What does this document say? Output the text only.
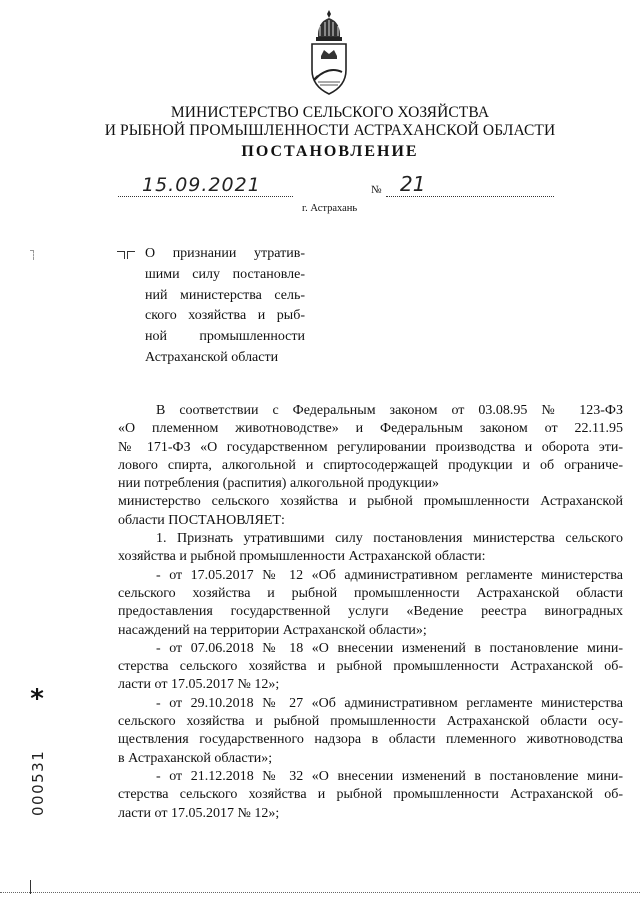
МИНИСТЕРСТВО СЕЛЬСКОГО ХОЗЯЙСТВА
И РЫБНОЙ ПРОМЫШЛЕННОСТИ АСТРАХАНСКОЙ ОБЛАСТИ
ПОСТАНОВЛЕНИЕ
15.09.2021	№ 21
г. Астрахань
О признании утратив-
шими силу постановле-
ний министерства сель-
ского хозяйства и рыб-
ной промышленности
Астраханской области
В соответствии с Федеральным законом от 03.08.95 № 123-ФЗ
«О племенном животноводстве» и Федеральным законом от 22.11.95
№ 171-ФЗ «О государственном регулировании производства и оборота эти-
лового спирта, алкогольной и спиртосодержащей продукции и об ограниче-
нии потребления (распития) алкогольной продукции»
министерство сельского хозяйства и рыбной промышленности Астраханской
области ПОСТАНОВЛЯЕТ:
1. Признать утратившими силу постановления министерства сельского
хозяйства и рыбной промышленности Астраханской области:
- от 17.05.2017 № 12 «Об административном регламенте министерства
сельского хозяйства и рыбной промышленности Астраханской области
предоставления государственной услуги «Ведение реестра виноградных
насаждений на территории Астраханской области»;
- от 07.06.2018 № 18 «О внесении изменений в постановление мини-
стерства сельского хозяйства и рыбной промышленности Астраханской об-
ласти от 17.05.2017 № 12»;
- от 29.10.2018 № 27 «Об административном регламенте министерства
сельского хозяйства и рыбной промышленности Астраханской области осу-
ществления государственного надзора в области племенного животноводства
в Астраханской области»;
- от 21.12.2018 № 32 «О внесении изменений в постановление мини-
стерства сельского хозяйства и рыбной промышленности Астраханской об-
ласти от 17.05.2017 № 12»;
*
000531
